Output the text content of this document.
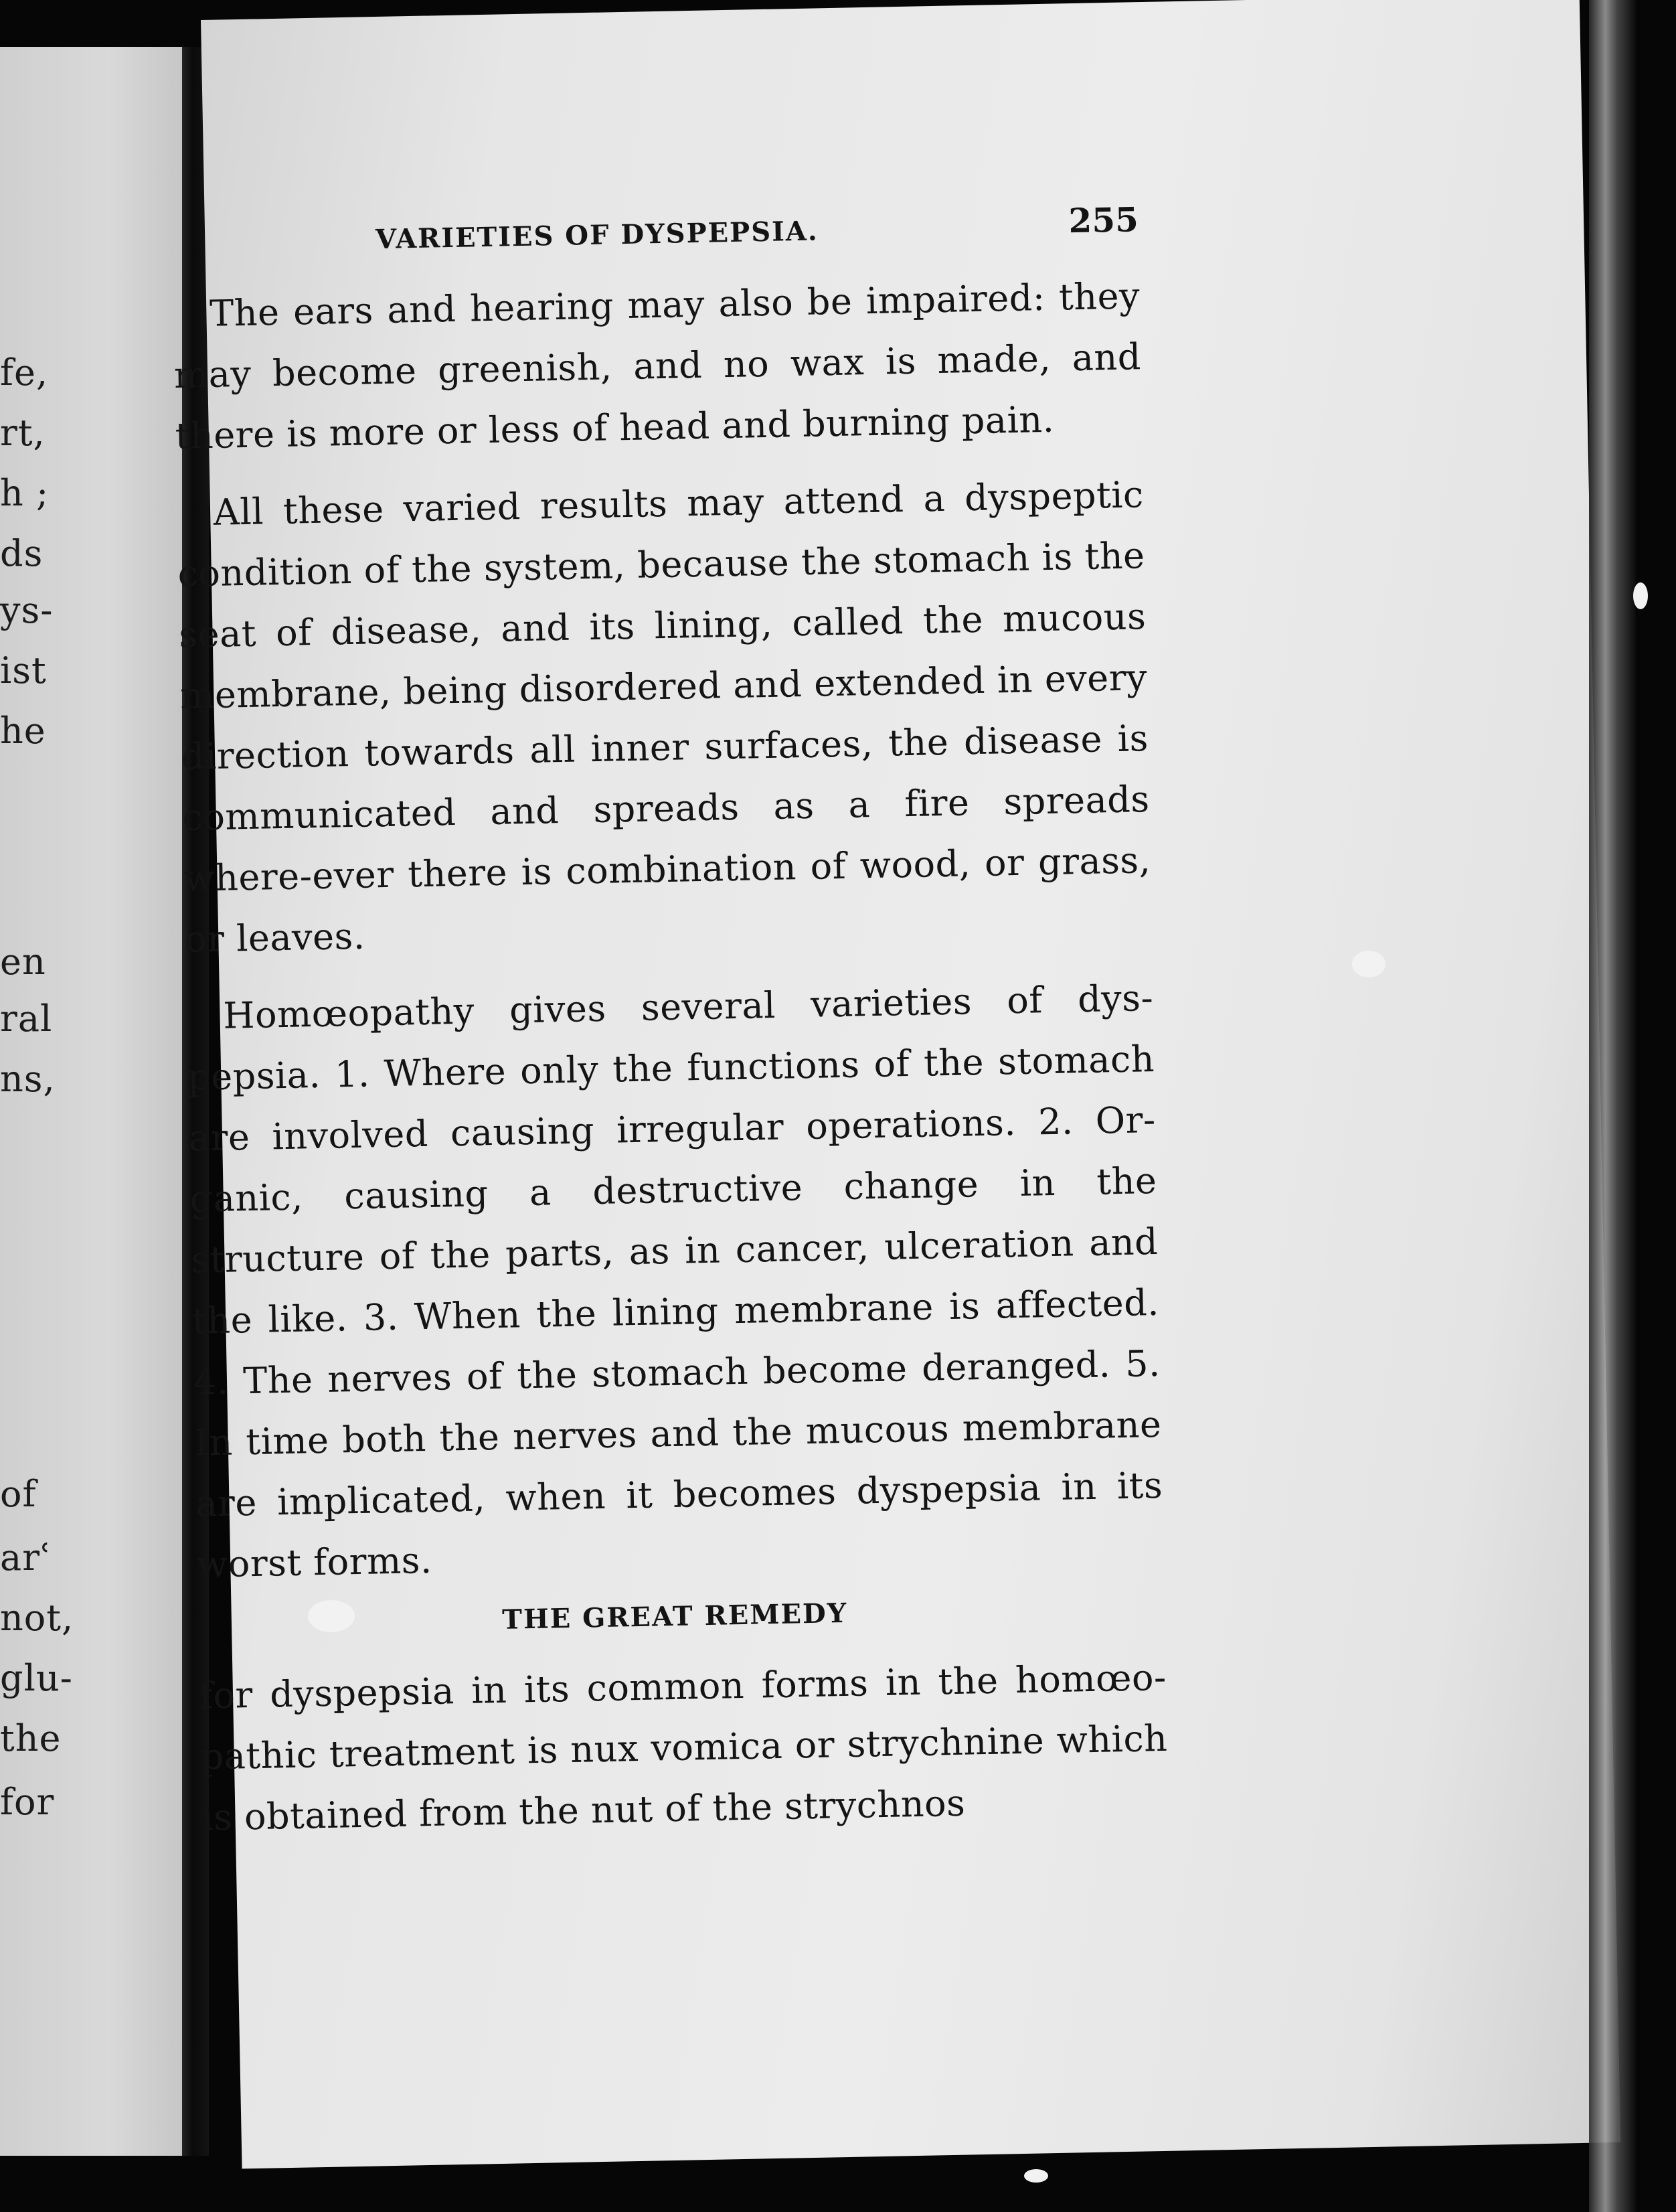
fe,
rt,
h ;
ds
ys-
ist
he
en
ral
ns,
of
arʿ
not,
glu-
the
for
VARIETIES OF DYSPEPSIA.	255

The ears and hearing may also be impaired: they may become greenish, and no wax is made, and there is more or less of head and burning pain.

All these varied results may attend a dyspeptic condition of the system, because the stomach is the seat of disease, and its lining, called the mucous membrane, being disordered and extended in every direction towards all inner surfaces, the disease is communicated and spreads as a fire spreads where-ever there is combination of wood, or grass, or leaves.

Homœopathy gives several varieties of dys-pepsia. 1. Where only the functions of the stomach are involved causing irregular operations. 2. Or-ganic, causing a destructive change in the structure of the parts, as in cancer, ulceration and the like. 3. When the lining membrane is affected. 4. The nerves of the stomach become deranged. 5. In time both the nerves and the mucous membrane are implicated, when it becomes dyspepsia in its worst forms.

THE GREAT REMEDY

for dyspepsia in its common forms in the homœo-pathic treatment is nux vomica or strychnine which is obtained from the nut of the strychnos
